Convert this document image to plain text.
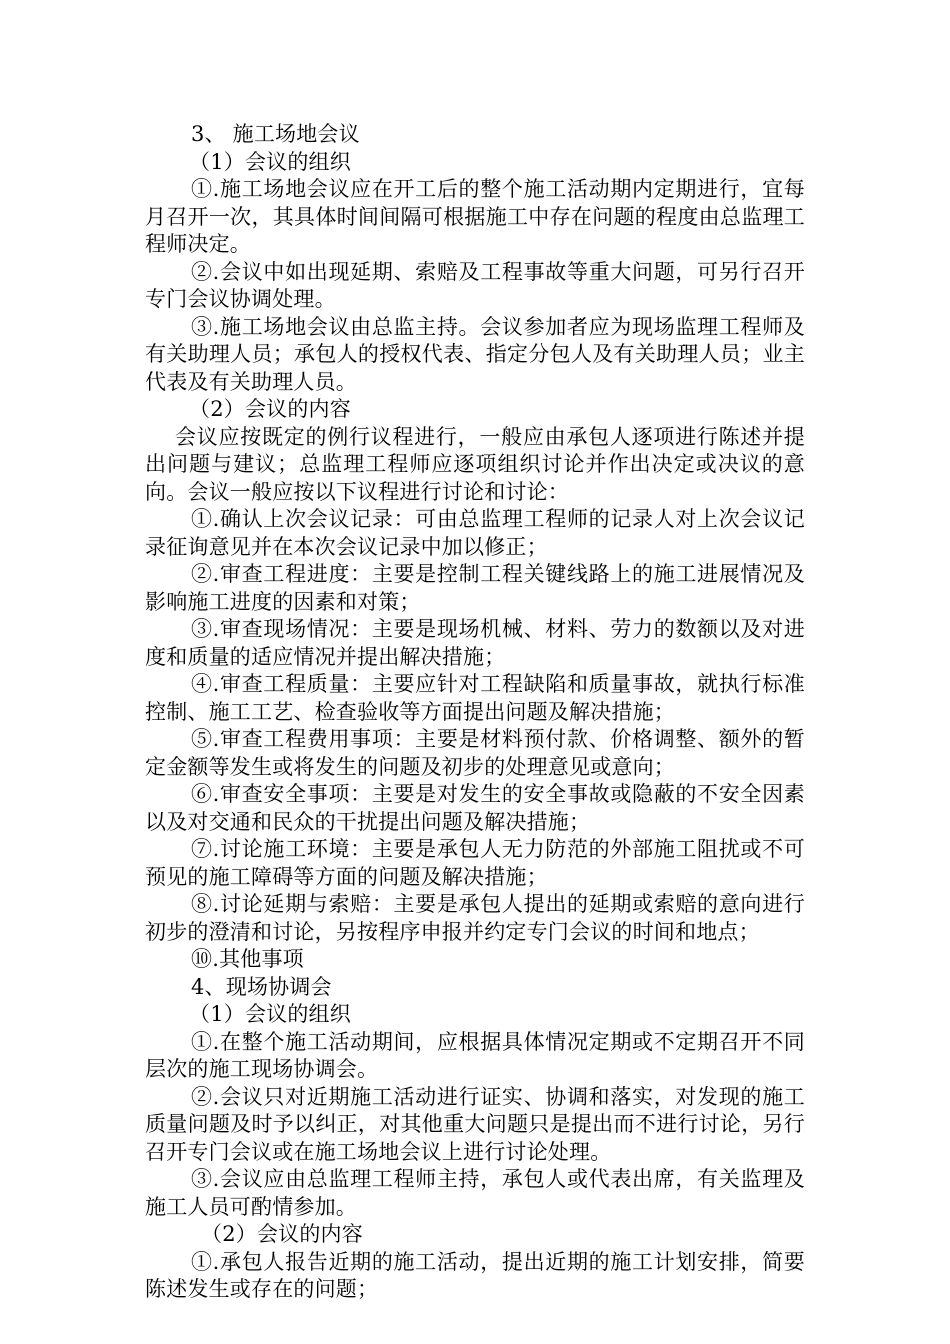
3、 施工场地会议

（1）会议的组织

①.施工场地会议应在开工后的整个施工活动期内定期进行，宜每月召开一次，其具体时间间隔可根据施工中存在问题的程度由总监理工程师决定。

②.会议中如出现延期、索赔及工程事故等重大问题，可另行召开专门会议协调处理。

③.施工场地会议由总监主持。会议参加者应为现场监理工程师及有关助理人员；承包人的授权代表、指定分包人及有关助理人员；业主代表及有关助理人员。

（2）会议的内容

会议应按既定的例行议程进行，一般应由承包人逐项进行陈述并提出问题与建议；总监理工程师应逐项组织讨论并作出决定或决议的意向。会议一般应按以下议程进行讨论和讨论：

①.确认上次会议记录：可由总监理工程师的记录人对上次会议记录征询意见并在本次会议记录中加以修正；

②.审查工程进度：主要是控制工程关键线路上的施工进展情况及影响施工进度的因素和对策；

③.审查现场情况：主要是现场机械、材料、劳力的数额以及对进度和质量的适应情况并提出解决措施；

④.审查工程质量：主要应针对工程缺陷和质量事故，就执行标准控制、施工工艺、检查验收等方面提出问题及解决措施；

⑤.审查工程费用事项：主要是材料预付款、价格调整、额外的暂定金额等发生或将发生的问题及初步的处理意见或意向；

⑥.审查安全事项：主要是对发生的安全事故或隐蔽的不安全因素以及对交通和民众的干扰提出问题及解决措施；

⑦.讨论施工环境：主要是承包人无力防范的外部施工阻扰或不可预见的施工障碍等方面的问题及解决措施；

⑧.讨论延期与索赔：主要是承包人提出的延期或索赔的意向进行初步的澄清和讨论，另按程序申报并约定专门会议的时间和地点；

⑩.其他事项

4、现场协调会

（1）会议的组织

①.在整个施工活动期间，应根据具体情况定期或不定期召开不同层次的施工现场协调会。

②.会议只对近期施工活动进行证实、协调和落实，对发现的施工质量问题及时予以纠正，对其他重大问题只是提出而不进行讨论，另行召开专门会议或在施工场地会议上进行讨论处理。

③.会议应由总监理工程师主持，承包人或代表出席，有关监理及施工人员可酌情参加。

（2）会议的内容

①.承包人报告近期的施工活动，提出近期的施工计划安排，简要陈述发生或存在的问题；
